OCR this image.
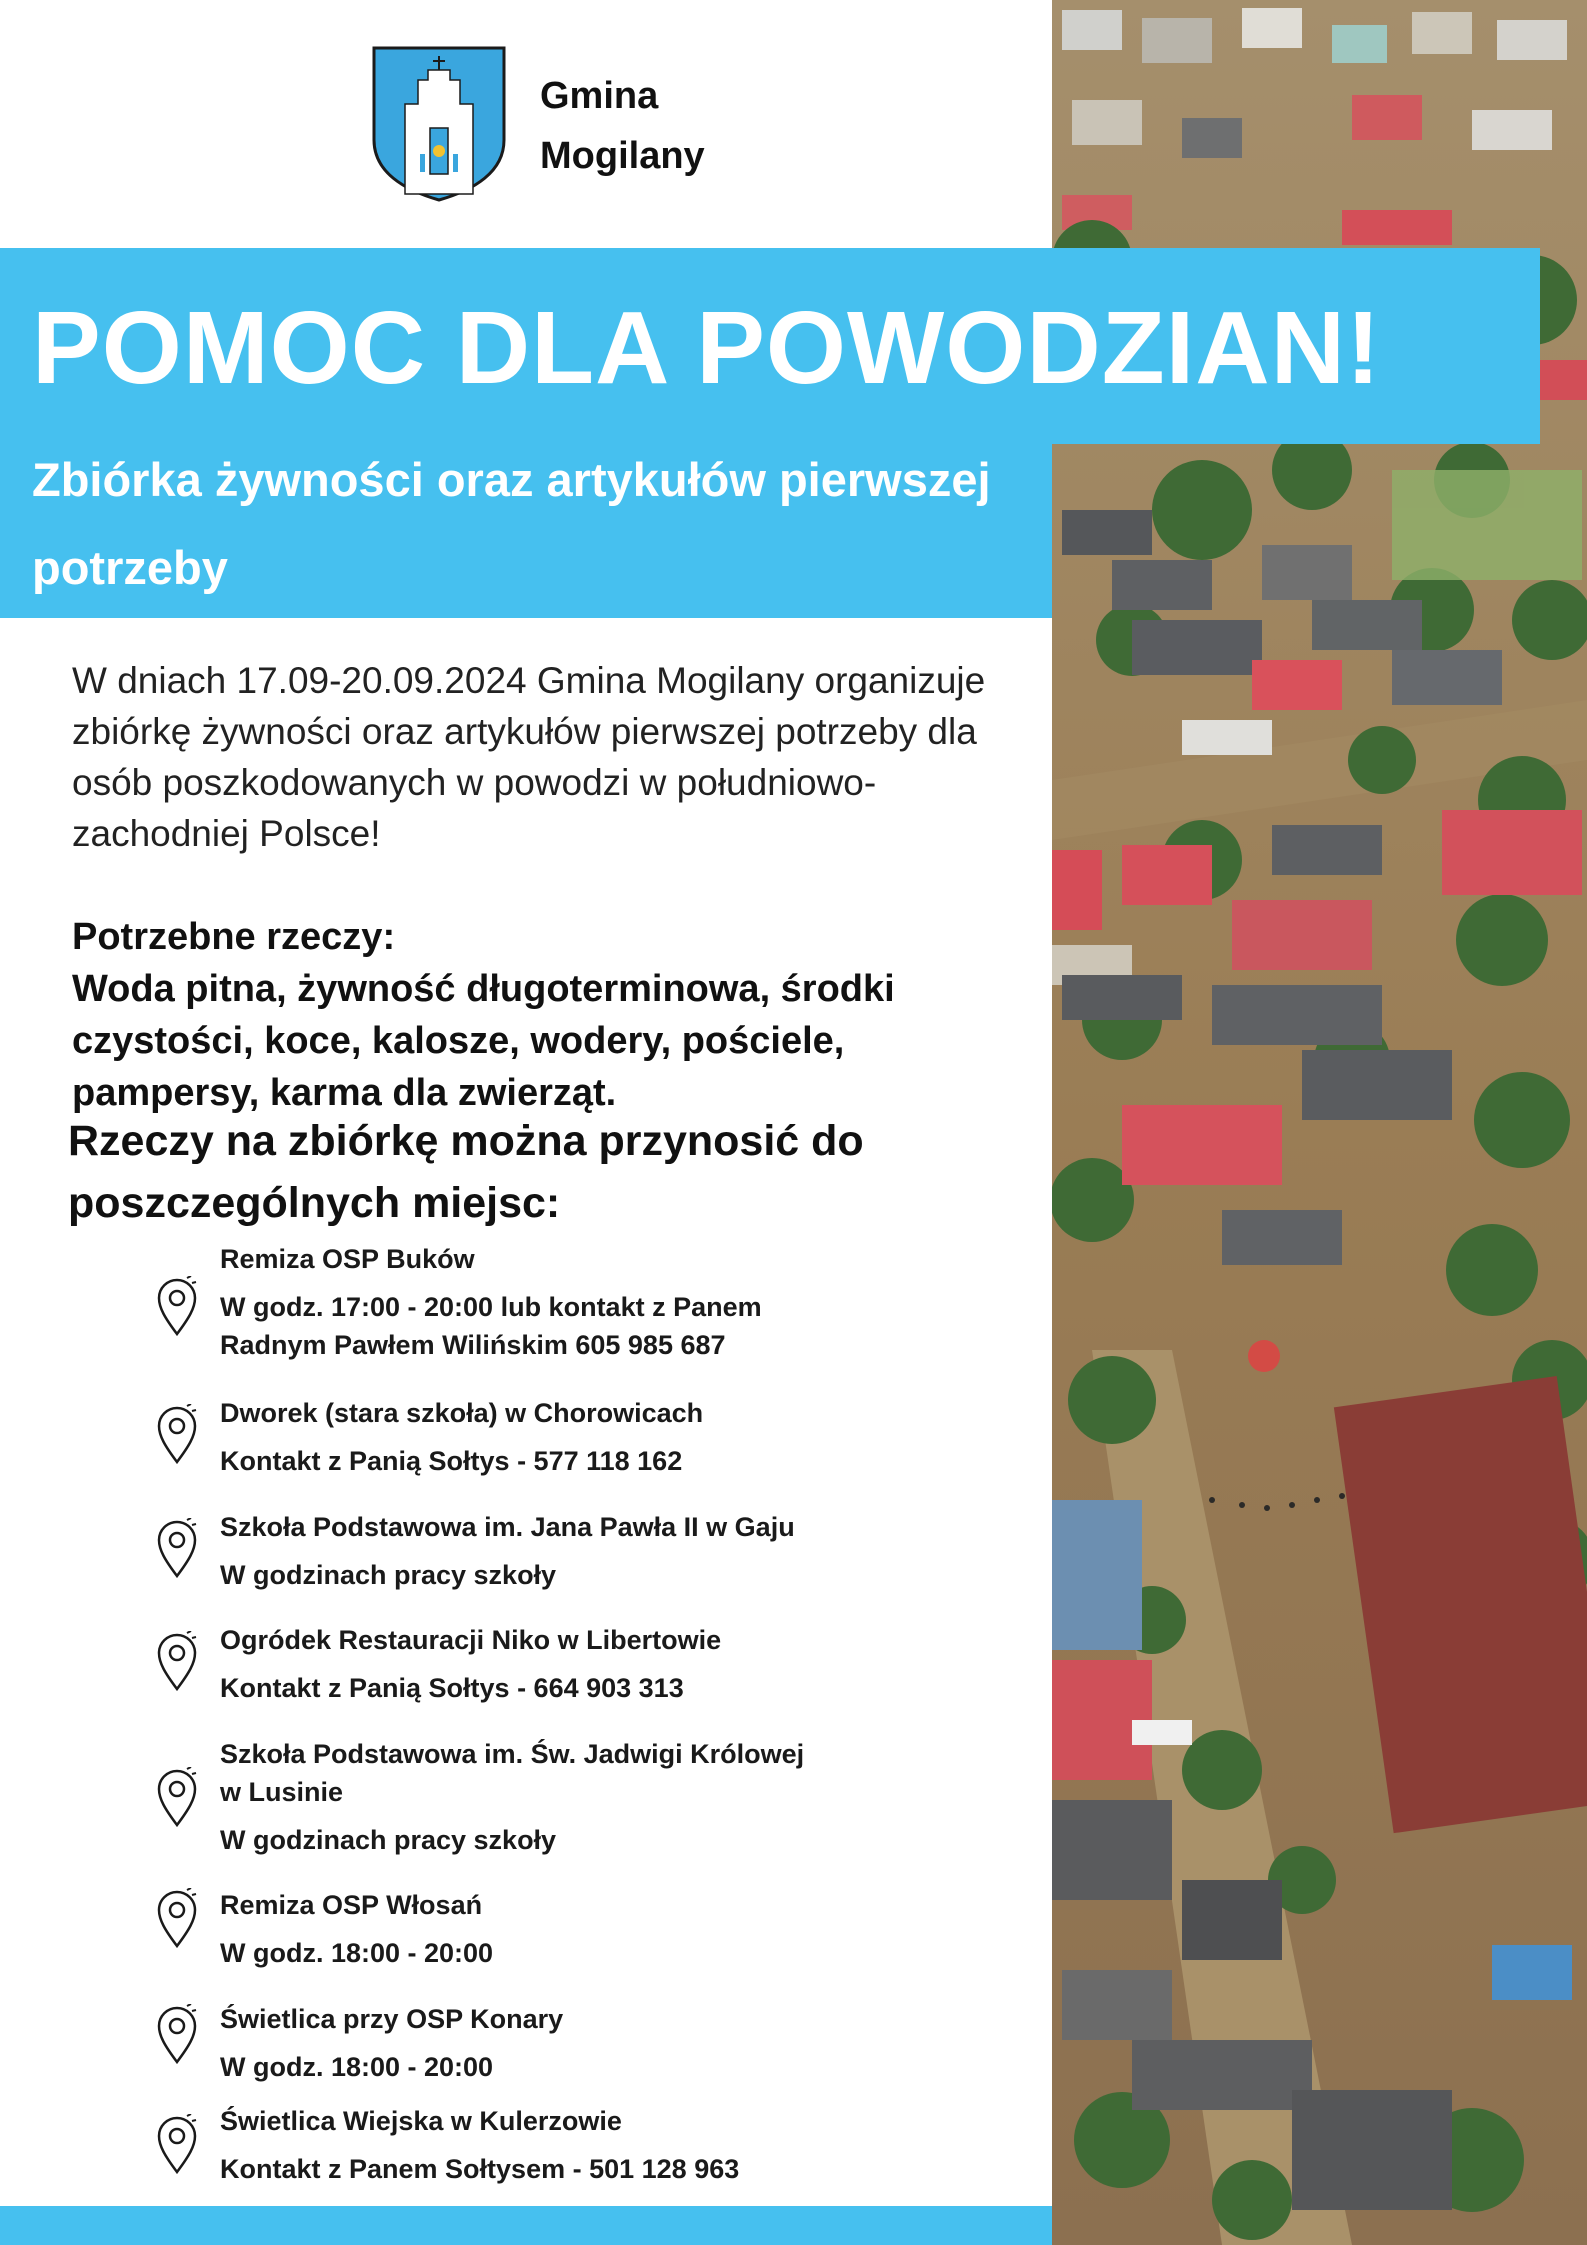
Gmina
Mogilany
POMOC DLA POWODZIAN!
Zbiórka żywności oraz artykułów pierwszej potrzeby
W dniach 17.09-20.09.2024 Gmina Mogilany organizuje zbiórkę żywności oraz artykułów pierwszej potrzeby dla osób poszkodowanych w powodzi w południowo-zachodniej Polsce!
Potrzebne rzeczy:
Woda pitna, żywność długoterminowa, środki czystości, koce, kalosze, wodery, pościele, pampersy, karma dla zwierząt.
Rzeczy na zbiórkę można przynosić do poszczególnych miejsc:
Remiza OSP Buków
W godz. 17:00 - 20:00 lub kontakt z Panem
Radnym Pawłem Wilińskim 605 985 687
Dworek (stara szkoła) w Chorowicach
Kontakt z Panią Sołtys - 577 118 162
Szkoła Podstawowa im. Jana Pawła II w Gaju
W godzinach pracy szkoły
Ogródek Restauracji Niko w Libertowie
Kontakt z Panią Sołtys - 664 903 313
Szkoła Podstawowa im. Św. Jadwigi Królowej
w Lusinie
W godzinach pracy szkoły
Remiza OSP Włosań
W godz. 18:00 - 20:00
Świetlica przy OSP Konary
W godz. 18:00 - 20:00
Świetlica Wiejska w Kulerzowie
Kontakt z Panem Sołtysem - 501 128 963
